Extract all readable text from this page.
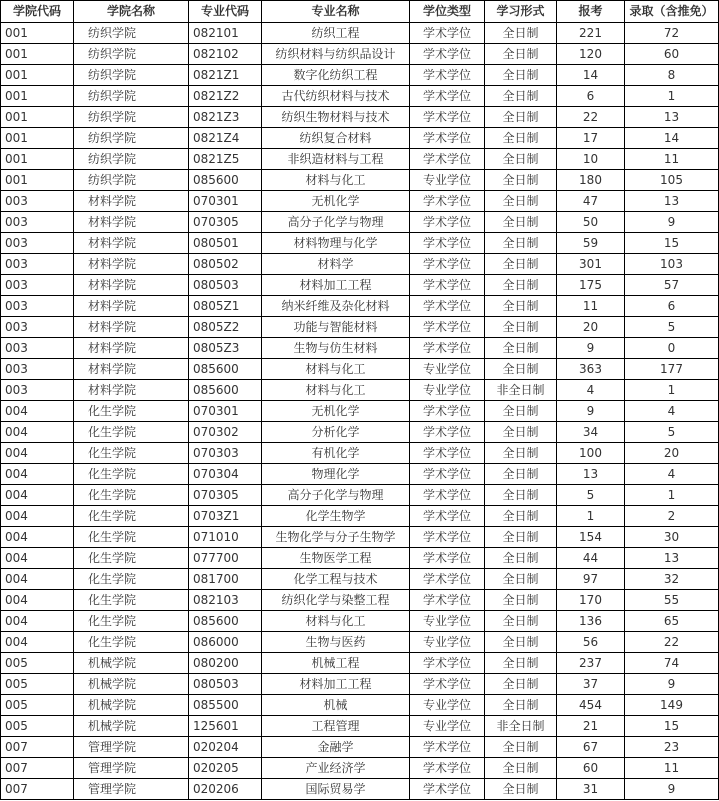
学院代码	学院名称	专业代码	专业名称	学位类型	学习形式	报考	录取（含推免）
001	纺织学院	082101	纺织工程	学术学位	全日制	221	72
001	纺织学院	082102	纺织材料与纺织品设计	学术学位	全日制	120	60
001	纺织学院	0821Z1	数字化纺织工程	学术学位	全日制	14	8
001	纺织学院	0821Z2	古代纺织材料与技术	学术学位	全日制	6	1
001	纺织学院	0821Z3	纺织生物材料与技术	学术学位	全日制	22	13
001	纺织学院	0821Z4	纺织复合材料	学术学位	全日制	17	14
001	纺织学院	0821Z5	非织造材料与工程	学术学位	全日制	10	11
001	纺织学院	085600	材料与化工	专业学位	全日制	180	105
003	材料学院	070301	无机化学	学术学位	全日制	47	13
003	材料学院	070305	高分子化学与物理	学术学位	全日制	50	9
003	材料学院	080501	材料物理与化学	学术学位	全日制	59	15
003	材料学院	080502	材料学	学术学位	全日制	301	103
003	材料学院	080503	材料加工工程	学术学位	全日制	175	57
003	材料学院	0805Z1	纳米纤维及杂化材料	学术学位	全日制	11	6
003	材料学院	0805Z2	功能与智能材料	学术学位	全日制	20	5
003	材料学院	0805Z3	生物与仿生材料	学术学位	全日制	9	0
003	材料学院	085600	材料与化工	专业学位	全日制	363	177
003	材料学院	085600	材料与化工	专业学位	非全日制	4	1
004	化生学院	070301	无机化学	学术学位	全日制	9	4
004	化生学院	070302	分析化学	学术学位	全日制	34	5
004	化生学院	070303	有机化学	学术学位	全日制	100	20
004	化生学院	070304	物理化学	学术学位	全日制	13	4
004	化生学院	070305	高分子化学与物理	学术学位	全日制	5	1
004	化生学院	0703Z1	化学生物学	学术学位	全日制	1	2
004	化生学院	071010	生物化学与分子生物学	学术学位	全日制	154	30
004	化生学院	077700	生物医学工程	学术学位	全日制	44	13
004	化生学院	081700	化学工程与技术	学术学位	全日制	97	32
004	化生学院	082103	纺织化学与染整工程	学术学位	全日制	170	55
004	化生学院	085600	材料与化工	专业学位	全日制	136	65
004	化生学院	086000	生物与医药	专业学位	全日制	56	22
005	机械学院	080200	机械工程	学术学位	全日制	237	74
005	机械学院	080503	材料加工工程	学术学位	全日制	37	9
005	机械学院	085500	机械	专业学位	全日制	454	149
005	机械学院	125601	工程管理	专业学位	非全日制	21	15
007	管理学院	020204	金融学	学术学位	全日制	67	23
007	管理学院	020205	产业经济学	学术学位	全日制	60	11
007	管理学院	020206	国际贸易学	学术学位	全日制	31	9
